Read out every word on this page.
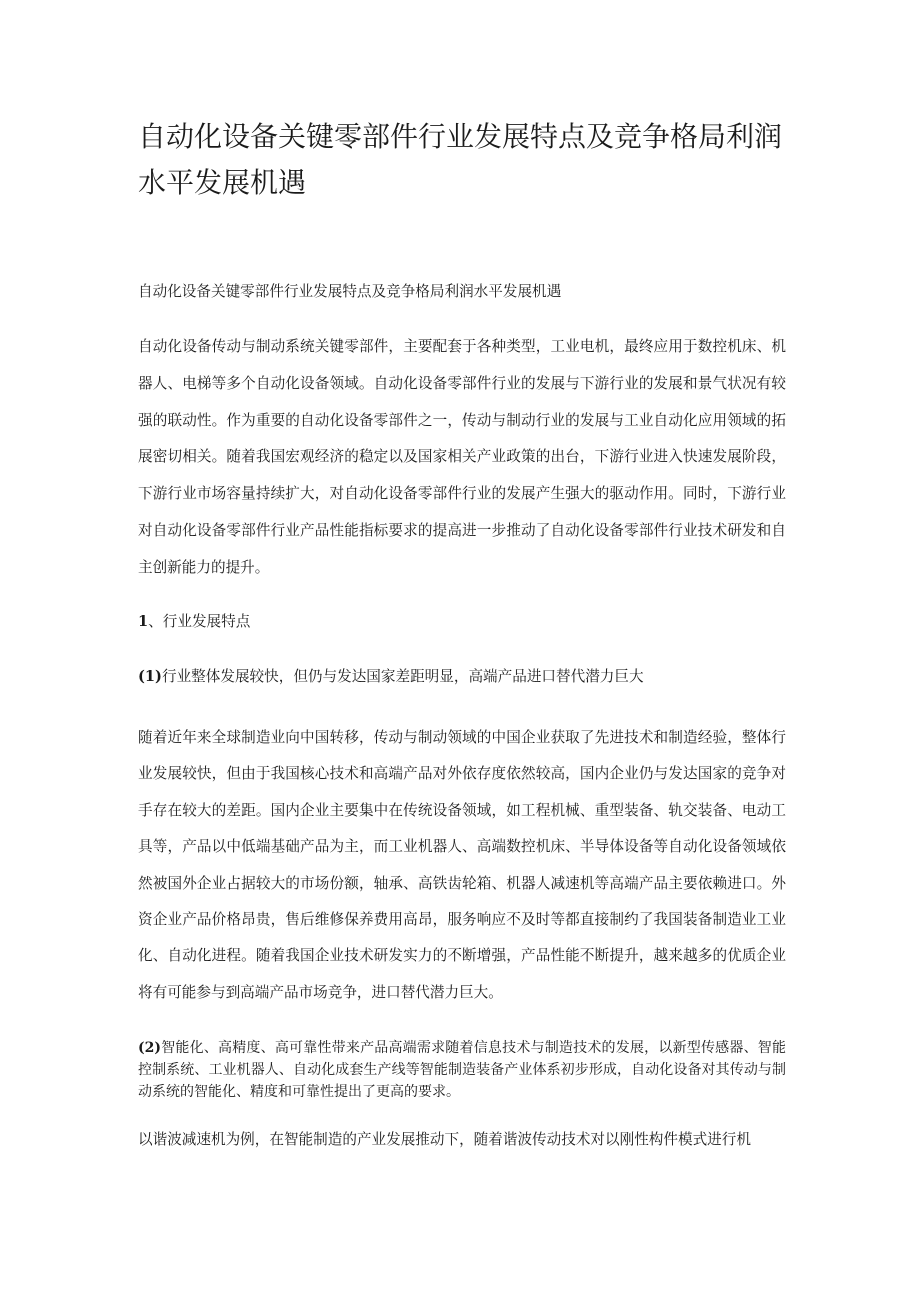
自动化设备关键零部件行业发展特点及竞争格局利润水平发展机遇

自动化设备关键零部件行业发展特点及竞争格局利润水平发展机遇

自动化设备传动与制动系统关键零部件，主要配套于各种类型，工业电机，最终应用于数控机床、机器人、电梯等多个自动化设备领域。自动化设备零部件行业的发展与下游行业的发展和景气状况有较强的联动性。作为重要的自动化设备零部件之一，传动与制动行业的发展与工业自动化应用领域的拓展密切相关。随着我国宏观经济的稳定以及国家相关产业政策的出台，下游行业进入快速发展阶段，下游行业市场容量持续扩大，对自动化设备零部件行业的发展产生强大的驱动作用。同时，下游行业对自动化设备零部件行业产品性能指标要求的提高进一步推动了自动化设备零部件行业技术研发和自主创新能力的提升。

1、行业发展特点

(1)行业整体发展较快，但仍与发达国家差距明显，高端产品进口替代潜力巨大

随着近年来全球制造业向中国转移，传动与制动领域的中国企业获取了先进技术和制造经验，整体行业发展较快，但由于我国核心技术和高端产品对外依存度依然较高，国内企业仍与发达国家的竞争对手存在较大的差距。国内企业主要集中在传统设备领域，如工程机械、重型装备、轨交装备、电动工具等，产品以中低端基础产品为主，而工业机器人、高端数控机床、半导体设备等自动化设备领域依然被国外企业占据较大的市场份额，轴承、高铁齿轮箱、机器人减速机等高端产品主要依赖进口。外资企业产品价格昂贵，售后维修保养费用高昂，服务响应不及时等都直接制约了我国装备制造业工业化、自动化进程。随着我国企业技术研发实力的不断增强，产品性能不断提升，越来越多的优质企业将有可能参与到高端产品市场竞争，进口替代潜力巨大。

(2)智能化、高精度、高可靠性带来产品高端需求随着信息技术与制造技术的发展，以新型传感器、智能控制系统、工业机器人、自动化成套生产线等智能制造装备产业体系初步形成，自动化设备对其传动与制动系统的智能化、精度和可靠性提出了更高的要求。

以谐波减速机为例，在智能制造的产业发展推动下，随着谐波传动技术对以刚性构件模式进行机
